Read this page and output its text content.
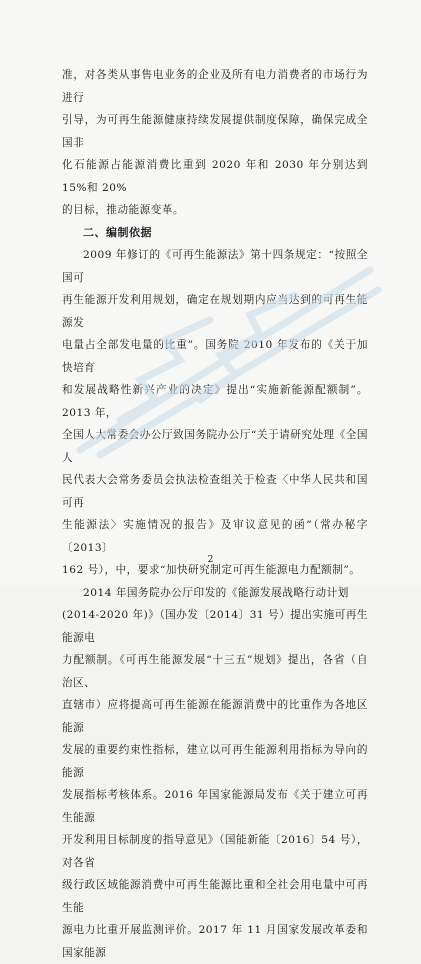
准，对各类从事售电业务的企业及所有电力消费者的市场行为进行

引导，为可再生能源健康持续发展提供制度保障，确保完成全国非

化石能源占能源消费比重到 2020 年和 2030 年分别达到 15%和 20%

的目标，推动能源变革。

二、编制依据

2009 年修订的《可再生能源法》第十四条规定：“按照全国可

再生能源开发利用规划，确定在规划期内应当达到的可再生能源发

电量占全部发电量的比重”。国务院 2010 年发布的《关于加快培育

和发展战略性新兴产业的决定》提出“实施新能源配额制”。2013 年，

全国人大常委会办公厅致国务院办公厅“关于请研究处理《全国人

民代表大会常务委员会执法检查组关于检查〈中华人民共和国可再

生能源法〉实施情况的报告》及审议意见的函”（常办秘字〔2013〕

162 号），中，要求“加快研究制定可再生能源电力配额制”。

2014 年国务院办公厅印发的《能源发展战略行动计划

(2014-2020 年)》（国办发〔2014〕31 号）提出实施可再生能源电

力配额制。《可再生能源发展“十三五”规划》提出，各省（自治区、

直辖市）应将提高可再生能源在能源消费中的比重作为各地区能源

发展的重要约束性指标，建立以可再生能源利用指标为导向的能源

发展指标考核体系。2016 年国家能源局发布《关于建立可再生能源

开发利用目标制度的指导意见》（国能新能〔2016〕54 号），对各省

级行政区域能源消费中可再生能源比重和全社会用电量中可再生能

源电力比重开展监测评价。2017 年 11 月国家发展改革委和国家能源

2
